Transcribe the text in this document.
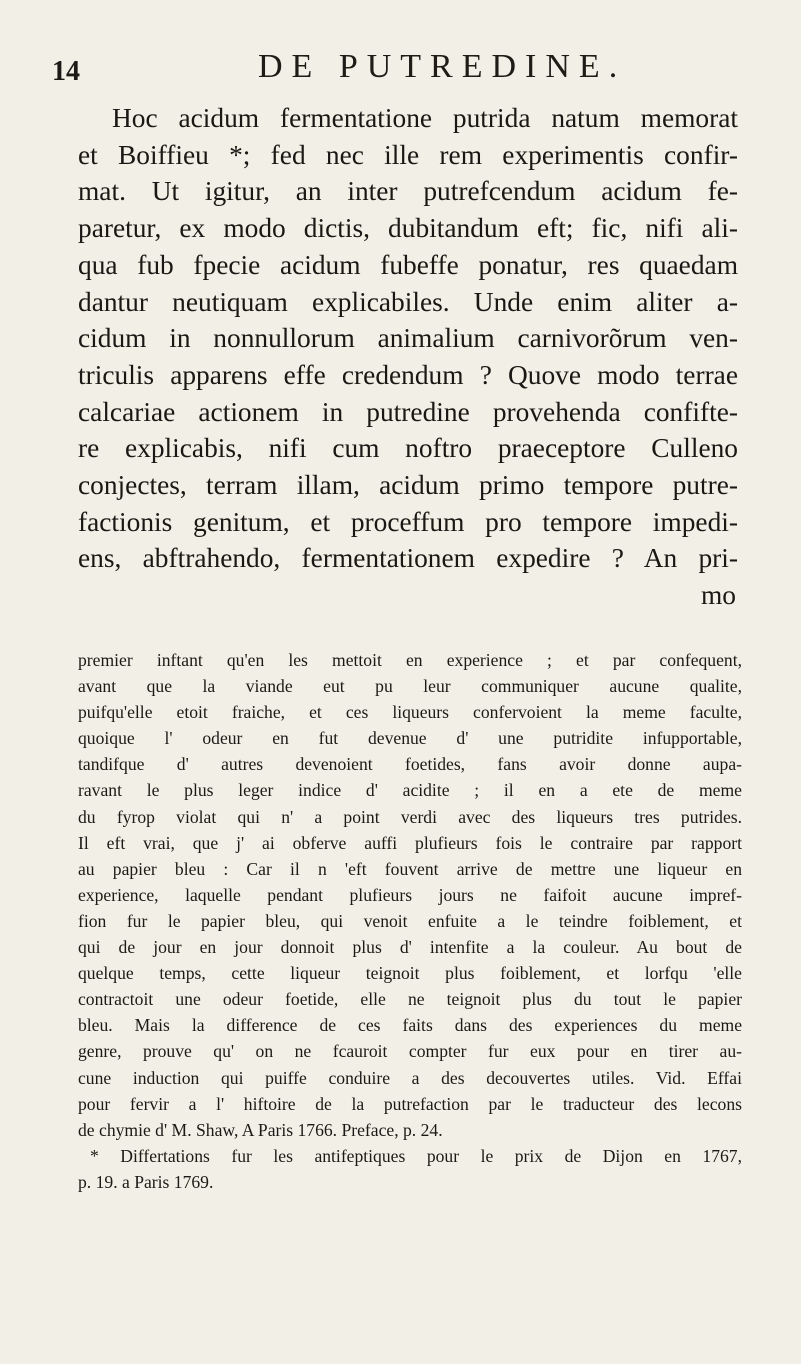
14	DE PUTREDINE.
Hoc acidum fermentatione putrida natum memorat
et Boiffieu *; fed nec ille rem experimentis confir-
mat. Ut igitur, an inter putrefcendum acidum fe-
paretur, ex modo dictis, dubitandum eft; fic, nifi ali-
qua fub fpecie acidum fubeffe ponatur, res quaedam
dantur neutiquam explicabiles. Unde enim aliter a-
cidum in nonnullorum animalium carnivorõrum ven-
triculis apparens effe credendum ? Quove modo terrae
calcariae actionem in putredine provehenda confifte-
re explicabis, nifi cum noftro praeceptore Culleno
conjectes, terram illam, acidum primo tempore putre-
factionis genitum, et proceffum pro tempore impedi-
ens, abftrahendo, fermentationem expedire ? An pri-
mo
premier inftant qu'en les mettoit en experience ; et par confequent,
avant que la viande eut pu leur communiquer aucune qualite,
puifqu'elle etoit fraiche, et ces liqueurs confervoient la meme faculte,
quoique l' odeur en fut devenue d' une putridite infupportable,
tandifque d' autres devenoient foetides, fans avoir donne aupa-
ravant le plus leger indice d' acidite ; il en a ete de meme
du fyrop violat qui n' a point verdi avec des liqueurs tres putrides.
Il eft vrai, que j' ai obferve auffi plufieurs fois le contraire par rapport
au papier bleu : Car il n 'eft fouvent arrive de mettre une liqueur en
experience, laquelle pendant plufieurs jours ne faifoit aucune impref-
fion fur le papier bleu, qui venoit enfuite a le teindre foiblement, et
qui de jour en jour donnoit plus d' intenfite a la couleur. Au bout de
quelque temps, cette liqueur teignoit plus foiblement, et lorfqu 'elle
contractoit une odeur foetide, elle ne teignoit plus du tout le papier
bleu. Mais la difference de ces faits dans des experiences du meme
genre, prouve qu' on ne fcauroit compter fur eux pour en tirer au-
cune induction qui puiffe conduire a des decouvertes utiles. Vid. Effai
pour fervir a l' hiftoire de la putrefaction par le traducteur des lecons
de chymie d' M. Shaw, A Paris 1766. Preface, p. 24.
* Differtations fur les antifeptiques pour le prix de Dijon en 1767,
p. 19. a Paris 1769.
